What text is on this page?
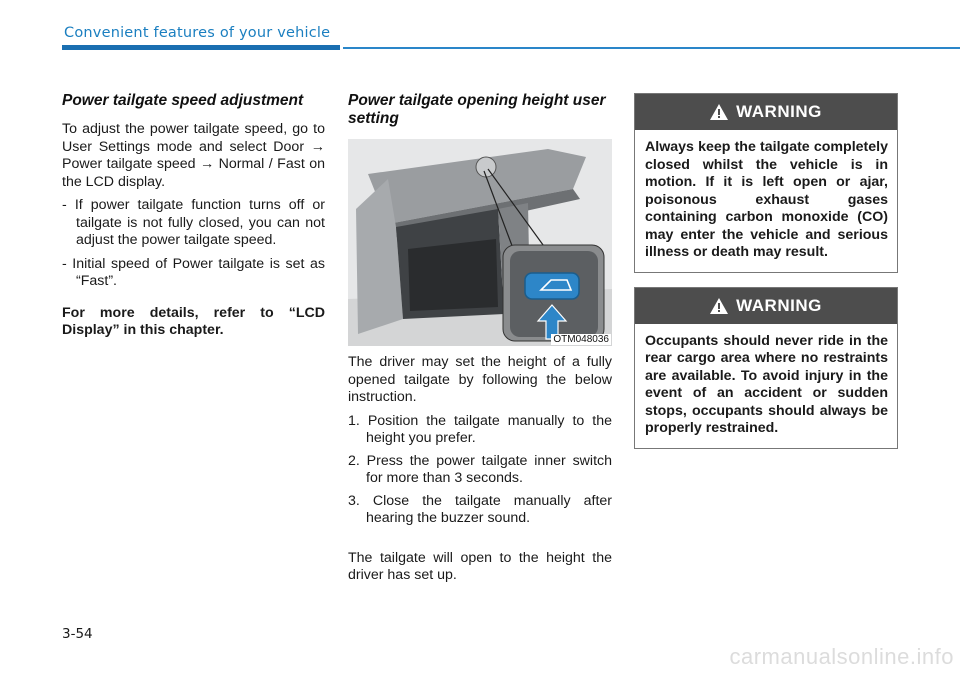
Convenient features of your vehicle
Power tailgate speed adjustment

To adjust the power tailgate speed, go to User Settings mode and select Door → Power tailgate speed → Normal / Fast on the LCD display.

- If power tailgate function turns off or tailgate is not fully closed, you can not adjust the power tailgate speed.
- Initial speed of Power tailgate is set as “Fast”.

For more details, refer to “LCD Display” in this chapter.

Power tailgate opening height user setting
OTM048036

The driver may set the height of a fully opened tailgate by following the below instruction.

1. Position the tailgate manually to the height you prefer.
2. Press the power tailgate inner switch for more than 3 seconds.
3. Close the tailgate manually after hearing the buzzer sound.

The tailgate will open to the height the driver has set up.

WARNING
Always keep the tailgate completely closed whilst the vehicle is in motion. If it is left open or ajar, poisonous exhaust gases containing carbon monoxide (CO) may enter the vehicle and serious illness or death may result.
WARNING
Occupants should never ride in the rear cargo area where no restraints are available. To avoid injury in the event of an accident or sudden stops, occupants should always be properly restrained.
3-54
carmanualsonline.info
